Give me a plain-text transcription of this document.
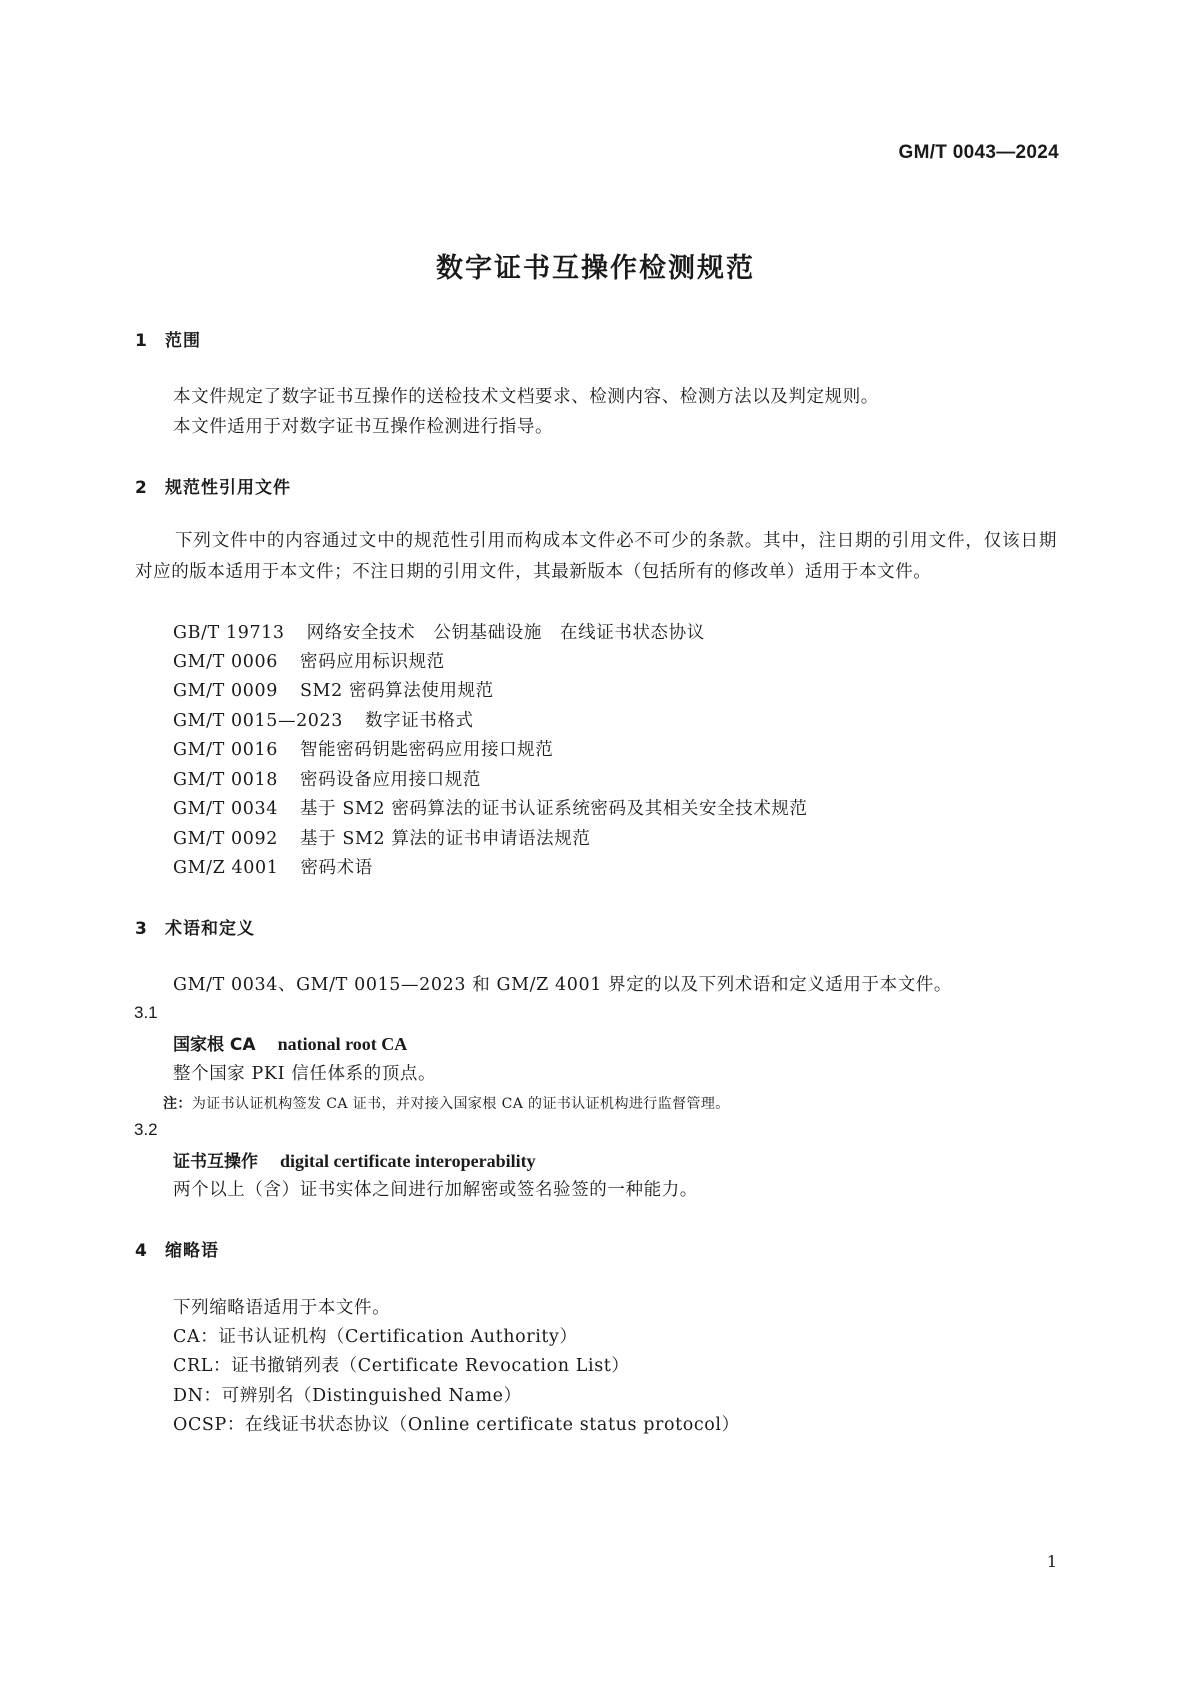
GM/T 0043—2024
数字证书互操作检测规范
1 范围
本文件规定了数字证书互操作的送检技术文档要求、检测内容、检测方法以及判定规则。
本文件适用于对数字证书互操作检测进行指导。
2 规范性引用文件
下列文件中的内容通过文中的规范性引用而构成本文件必不可少的条款。其中，注日期的引用文件，仅该日期对应的版本适用于本文件；不注日期的引用文件，其最新版本（包括所有的修改单）适用于本文件。
GB/T 19713 网络安全技术　公钥基础设施　在线证书状态协议
GM/T 0006 密码应用标识规范
GM/T 0009 SM2 密码算法使用规范
GM/T 0015—2023 数字证书格式
GM/T 0016 智能密码钥匙密码应用接口规范
GM/T 0018 密码设备应用接口规范
GM/T 0034 基于 SM2 密码算法的证书认证系统密码及其相关安全技术规范
GM/T 0092 基于 SM2 算法的证书申请语法规范
GM/Z 4001 密码术语
3 术语和定义
GM/T 0034、GM/T 0015—2023 和 GM/Z 4001 界定的以及下列术语和定义适用于本文件。
3.1
国家根 CA national root CA
整个国家 PKI 信任体系的顶点。
注：为证书认证机构签发 CA 证书，并对接入国家根 CA 的证书认证机构进行监督管理。
3.2
证书互操作 digital certificate interoperability
两个以上（含）证书实体之间进行加解密或签名验签的一种能力。
4 缩略语
下列缩略语适用于本文件。
CA：证书认证机构（Certification Authority）
CRL：证书撤销列表（Certificate Revocation List）
DN：可辨别名（Distinguished Name）
OCSP：在线证书状态协议（Online certificate status protocol）
1
